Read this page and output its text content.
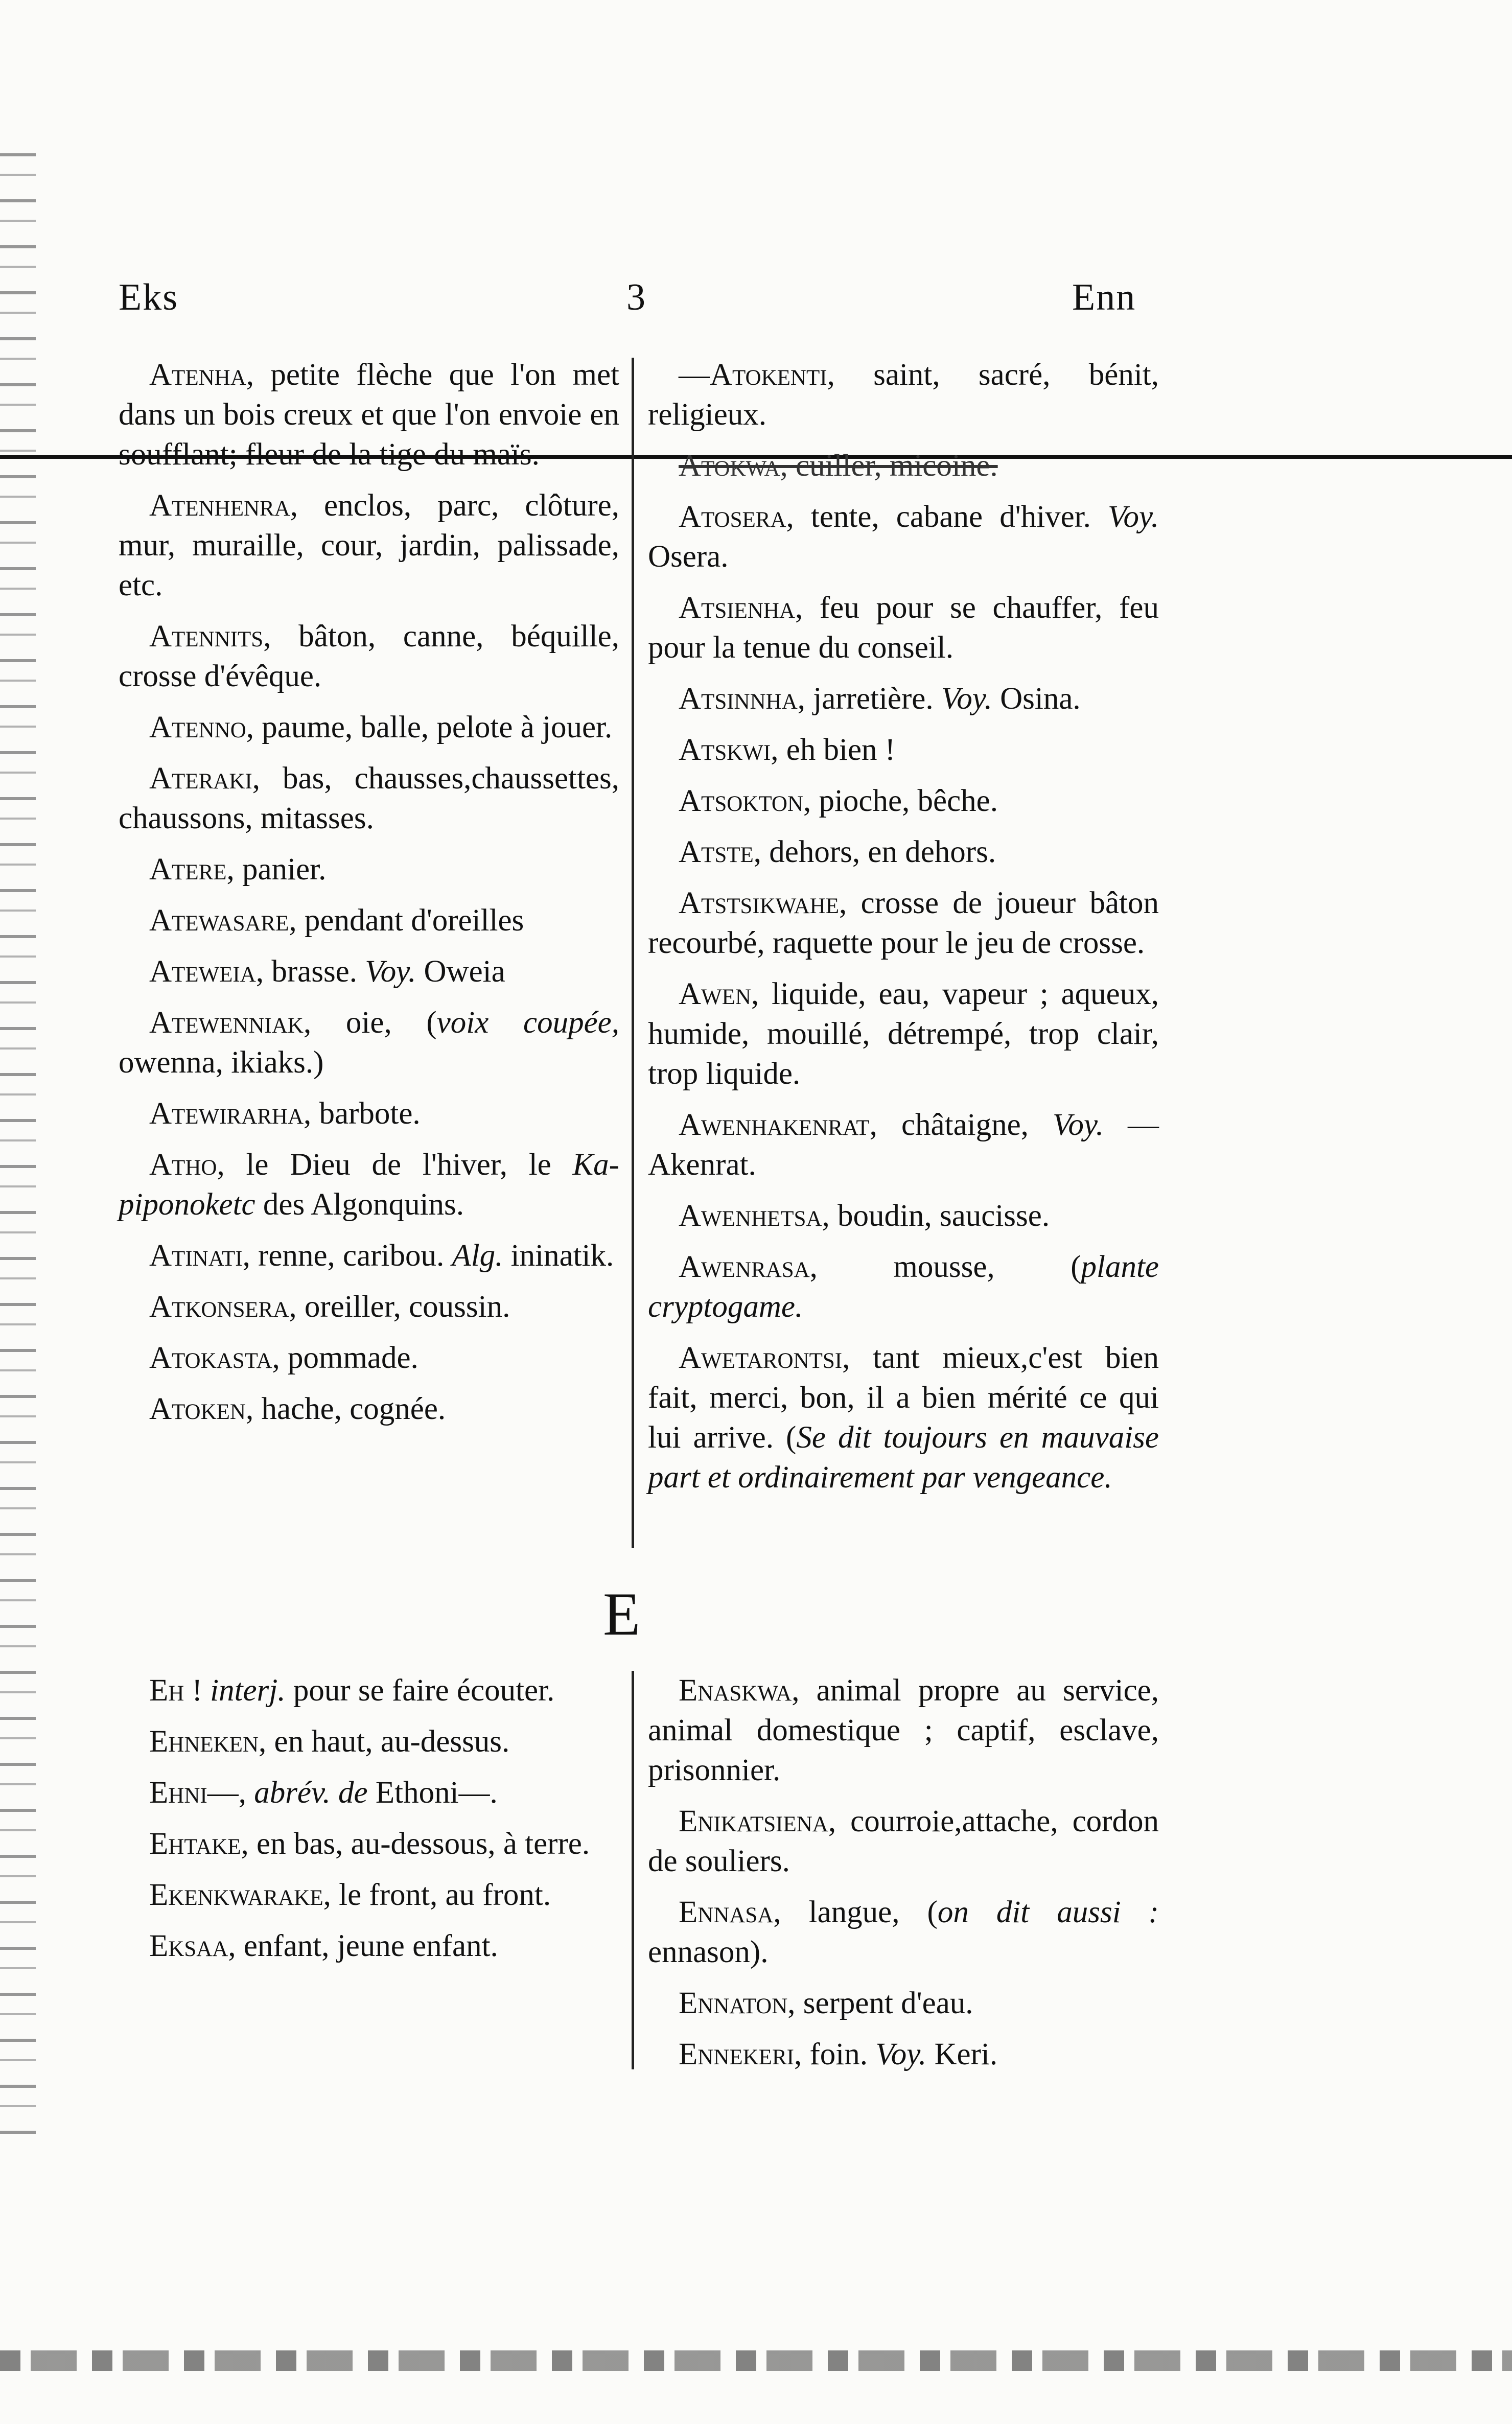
Eks	3	Enn

Atenha, petite flèche que l'on met dans un bois creux et que l'on envoie en soufflant; fleur de la tige du maïs.

Atenhenra, enclos, parc, clôture, mur, muraille, cour, jardin, palissade, etc.

Atennits, bâton, canne, béquille, crosse d'évêque.

Atenno, paume, balle, pelote à jouer.

Ateraki, bas, chausses,chaussettes, chaussons, mitasses.

Atere, panier.

Atewasare, pendant d'oreilles

Ateweia, brasse. Voy. Oweia

Atewenniak, oie, (voix coupée, owenna, ikiaks.)

Atewirarha, barbote.

Atho, le Dieu de l'hiver, le Ka-piponoketc des Algonquins.

Atinati, renne, caribou. Alg. ininatik.

Atkonsera, oreiller, coussin.

Atokasta, pommade.

Atoken, hache, cognée.

—Atokenti, saint, sacré, bénit, religieux.

Atokwa, cuiller, micoine.

Atosera, tente, cabane d'hiver. Voy. Osera.

Atsienha, feu pour se chauffer, feu pour la tenue du conseil.

Atsinnha, jarretière. Voy. Osina.

Atskwi, eh bien !

Atsokton, pioche, bêche.

Atste, dehors, en dehors.

Atstsikwahe, crosse de joueur bâton recourbé, raquette pour le jeu de crosse.

Awen, liquide, eau, vapeur ; aqueux, humide, mouillé, détrempé, trop clair, trop liquide.

Awenhakenrat, châtaigne, Voy. —Akenrat.

Awenhetsa, boudin, saucisse.

Awenrasa, mousse, (plante cryptogame.

Awetarontsi, tant mieux,c'est bien fait, merci, bon, il a bien mérité ce qui lui arrive. (Se dit toujours en mauvaise part et ordinairement par vengeance.

E

Eh ! interj. pour se faire écouter.

Ehneken, en haut, au-dessus.

Ehni—, abrév. de Ethoni—.

Ehtake, en bas, au-dessous, à terre.

Ekenkwarake, le front, au front.

Eksaa, enfant, jeune enfant.

Enaskwa, animal propre au service, animal domestique ; captif, esclave, prisonnier.

Enikatsiena, courroie,attache, cordon de souliers.

Ennasa, langue, (on dit aussi : ennason).

Ennaton, serpent d'eau.

Ennekeri, foin. Voy. Keri.
